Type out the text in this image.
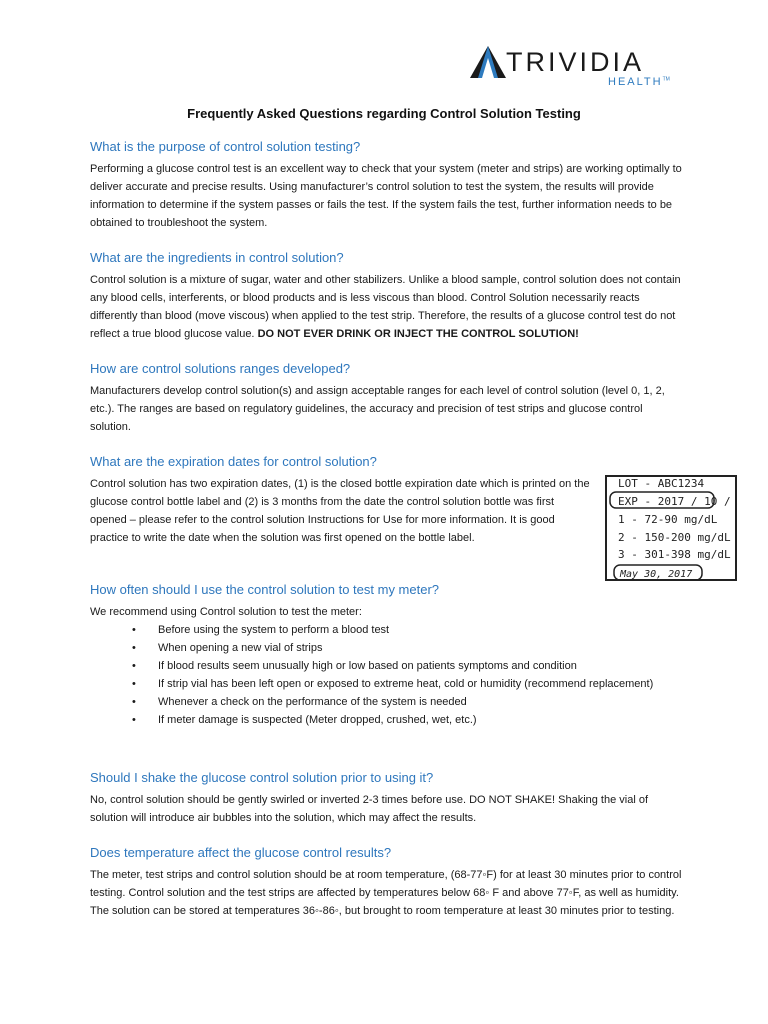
TRIVIDIA
HEALTH™
Frequently Asked Questions regarding Control Solution Testing
What is the purpose of control solution testing?

Performing a glucose control test is an excellent way to check that your system (meter and strips) are working optimally to deliver accurate and precise results. Using manufacturer’s control solution to test the system, the results will provide information to determine if the system passes or fails the test. If the system fails the test, further information needs to be obtained to troubleshoot the system.

What are the ingredients in control solution?

Control solution is a mixture of sugar, water and other stabilizers. Unlike a blood sample, control solution does not contain any blood cells, interferents, or blood products and is less viscous than blood. Control Solution necessarily reacts differently than blood (move viscous) when applied to the test strip. Therefore, the results of a glucose control test do not reflect a true blood glucose value. DO NOT EVER DRINK OR INJECT THE CONTROL SOLUTION!

How are control solutions ranges developed?

Manufacturers develop control solution(s) and assign acceptable ranges for each level of control solution (level 0, 1, 2, etc.). The ranges are based on regulatory guidelines, the accuracy and precision of test strips and glucose control solution.

What are the expiration dates for control solution?

Control solution has two expiration dates, (1) is the closed bottle expiration date which is printed on the glucose control bottle label and (2) is 3 months from the date the control solution bottle was first opened – please refer to the control solution Instructions for Use for more information. It is good practice to write the date when the solution was first opened on the bottle label.

LOT - ABC1234
EXP - 2017 / 10 / 31
1 - 72-90 mg/dL
2 - 150-200 mg/dL
3 - 301-398 mg/dL
May 30, 2017
How often should I use the control solution to test my meter?

We recommend using Control solution to test the meter:

• Before using the system to perform a blood test
• When opening a new vial of strips
• If blood results seem unusually high or low based on patients symptoms and condition
• If strip vial has been left open or exposed to extreme heat, cold or humidity (recommend replacement)
• Whenever a check on the performance of the system is needed
• If meter damage is suspected (Meter dropped, crushed, wet, etc.)
Should I shake the glucose control solution prior to using it?

No, control solution should be gently swirled or inverted 2-3 times before use. DO NOT SHAKE! Shaking the vial of solution will introduce air bubbles into the solution, which may affect the results.

Does temperature affect the glucose control results?

The meter, test strips and control solution should be at room temperature, (68-77◦F) for at least 30 minutes prior to control testing. Control solution and the test strips are affected by temperatures below 68◦ F and above 77◦F, as well as humidity. The solution can be stored at temperatures 36◦-86◦, but brought to room temperature at least 30 minutes prior to testing.
